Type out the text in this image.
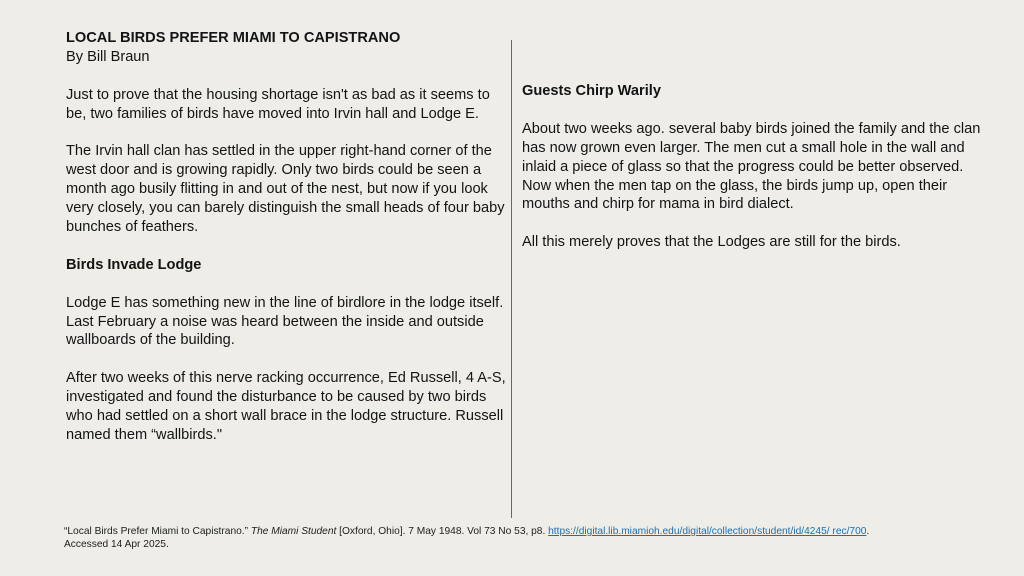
LOCAL BIRDS PREFER MIAMI TO CAPISTRANO

By Bill Braun

Just to prove that the housing shortage isn't as bad as it seems to be, two families of birds have moved into Irvin hall and Lodge E.

The Irvin hall clan has settled in the upper right-hand corner of the west door and is growing rapidly. Only two birds could be seen a month ago busily flitting in and out of the nest, but now if you look very closely, you can barely distinguish the small heads of four baby bunches of feathers.

Birds Invade Lodge

Lodge E has something new in the line of birdlore in the lodge itself. Last February a noise was heard between the inside and outside wallboards of the building.

After two weeks of this nerve racking occurrence, Ed Russell, 4 A-S, investigated and found the disturbance to be caused by two birds who had settled on a short wall brace in the lodge structure. Russell named them “wallbirds."

Guests Chirp Warily

About two weeks ago. several baby birds joined the family and the clan has now grown even larger. The men cut a small hole in the wall and inlaid a piece of glass so that the progress could be better observed. Now when the men tap on the glass, the birds jump up, open their mouths and chirp for mama in bird dialect.

All this merely proves that the Lodges are still for the birds.

“Local Birds Prefer Miami to Capistrano.” The Miami Student [Oxford, Ohio]. 7 May 1948. Vol 73 No 53, p8. https://digital.lib.miamioh.edu/digital/collection/student/id/4245/ rec/700.
Accessed 14 Apr 2025.
